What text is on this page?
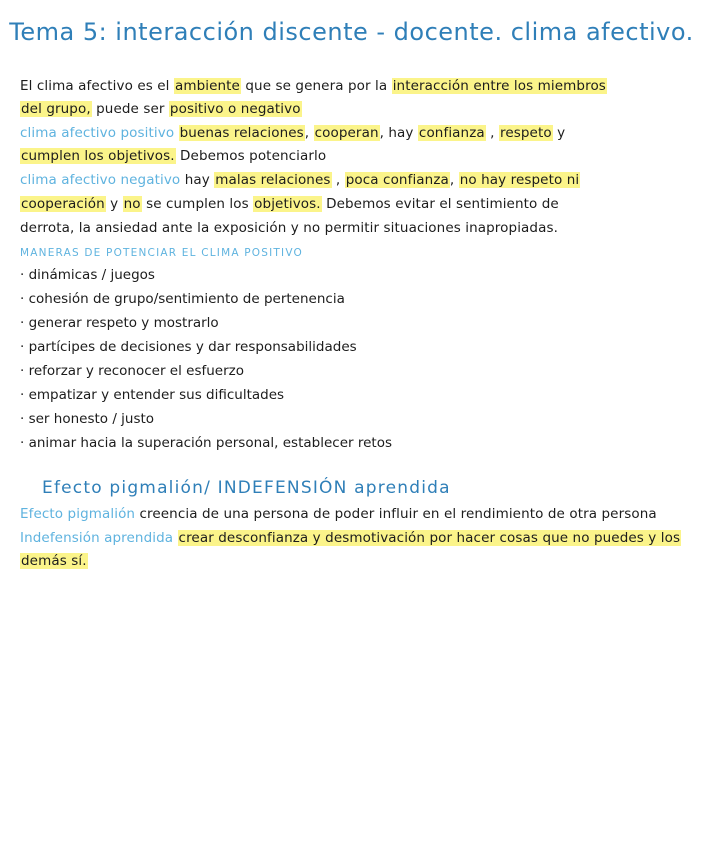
Tema 5: interacción discente - docente. clima afectivo.
El clima afectivo es el ambiente que se genera por la interacción entre los miembros
del grupo, puede ser positivo o negativo
clima afectivo positivo buenas relaciones, cooperan, hay confianza , respeto y
cumplen los objetivos. Debemos potenciarlo
clima afectivo negativo hay malas relaciones , poca confianza, no hay respeto ni
cooperación y no se cumplen los objetivos. Debemos evitar el sentimiento de
derrota, la ansiedad ante la exposición y no permitir situaciones inapropiadas.
MANERAS DE POTENCIAR EL CLIMA POSITIVO
· dinámicas / juegos
· cohesión de grupo/sentimiento de pertenencia
· generar respeto y mostrarlo
· partícipes de decisiones y dar responsabilidades
· reforzar y reconocer el esfuerzo
· empatizar y entender sus dificultades
· ser honesto / justo
· animar hacia la superación personal, establecer retos
Efecto pigmalión/ INDEFENSIÓN aprendida
Efecto pigmalión creencia de una persona de poder influir en el rendimiento de otra persona
Indefensión aprendida crear desconfianza y desmotivación por hacer cosas que no puedes y los
demás sí.
